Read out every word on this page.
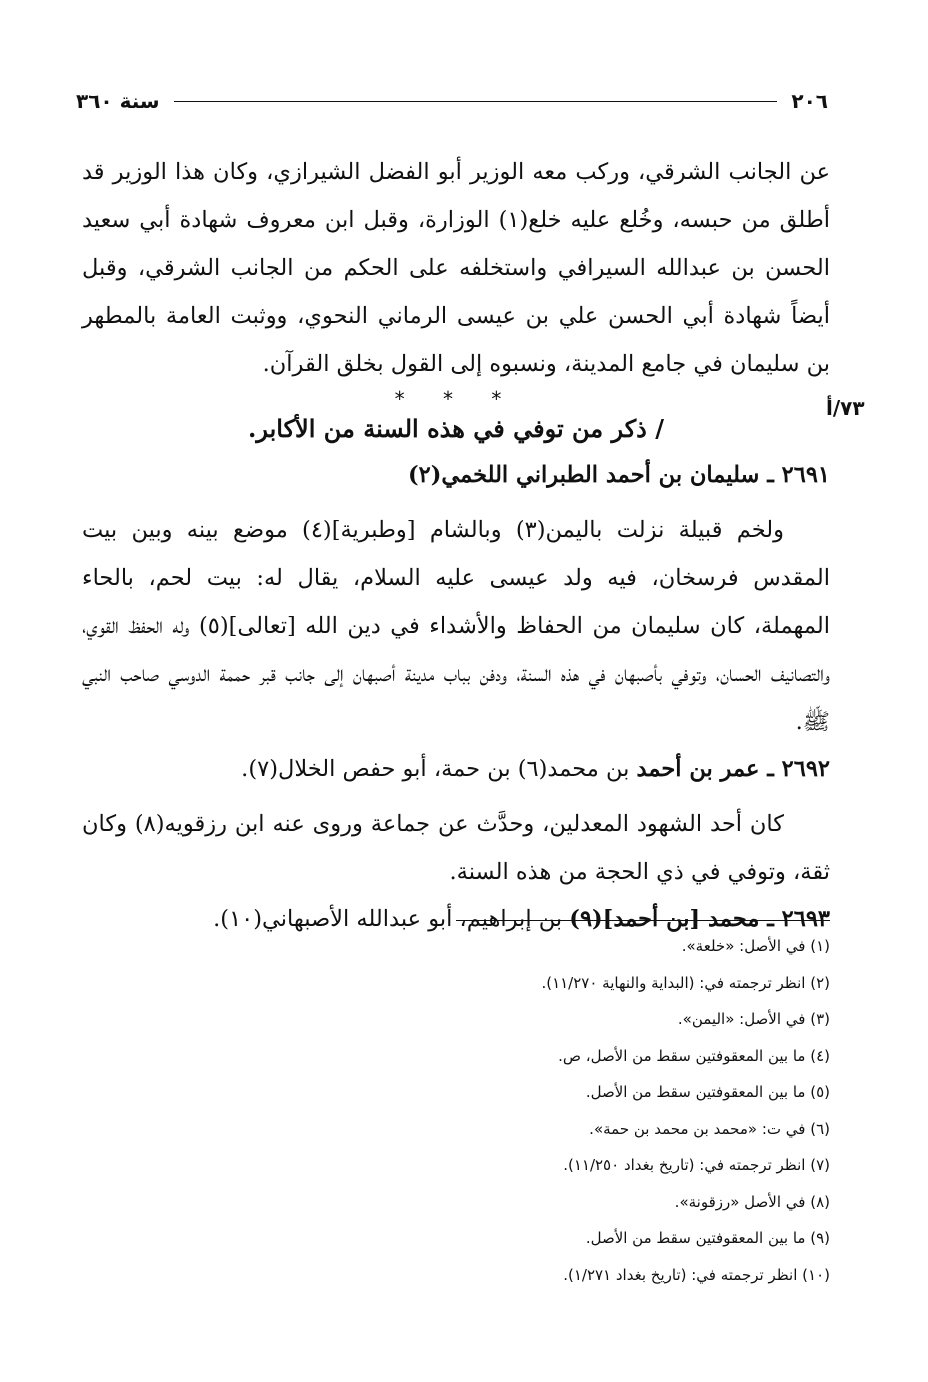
٢٠٦
سنة ٣٦٠
٧٣/أ

عن الجانب الشرقي، وركب معه الوزير أبو الفضل الشيرازي، وكان هذا الوزير قد أطلق من حبسه، وخُلع عليه خلع(١) الوزارة، وقبل ابن معروف شهادة أبي سعيد الحسن بن عبدالله السيرافي واستخلفه على الحكم من الجانب الشرقي، وقبل أيضاً شهادة أبي الحسن علي بن عيسى الرماني النحوي، ووثبت العامة بالمطهر بن سليمان في جامع المدينة، ونسبوه إلى القول بخلق القرآن.

* * *
/ ذكر من توفي في هذه السنة من الأكابر.

٢٦٩١ ـ سليمان بن أحمد الطبراني اللخمي(٢)

ولخم قبيلة نزلت باليمن(٣) وبالشام [وطبرية](٤) موضع بينه وبين بيت المقدس فرسخان، فيه ولد عيسى عليه السلام، يقال له: بيت لحم، بالحاء المهملة، كان سليمان من الحفاظ والأشداء في دين الله [تعالى](٥) وله الحفظ القوي، والتصانيف الحسان، وتوفي بأصبهان في هذه السنة، ودفن بباب مدينة أصبهان إلى جانب قبر حممة الدوسي صاحب النبي ﷺ.

٢٦٩٢ ـ عمر بن أحمد بن محمد(٦) بن حمة، أبو حفص الخلال(٧).

كان أحد الشهود المعدلين، وحدَّث عن جماعة وروى عنه ابن رزقويه(٨) وكان ثقة، وتوفي في ذي الحجة من هذه السنة.

٢٦٩٣ ـ محمد [بن أحمد](٩) بن إبراهيم، أبو عبدالله الأصبهاني(١٠).

(١) في الأصل: «خلعة».

(٢) انظر ترجمته في: (البداية والنهاية ١١/٢٧٠).

(٣) في الأصل: «اليمن».

(٤) ما بين المعقوفتين سقط من الأصل، ص.

(٥) ما بين المعقوفتين سقط من الأصل.

(٦) في ت: «محمد بن محمد بن حمة».

(٧) انظر ترجمته في: (تاريخ بغداد ١١/٢٥٠).

(٨) في الأصل «رزقونة».

(٩) ما بين المعقوفتين سقط من الأصل.

(١٠) انظر ترجمته في: (تاريخ بغداد ١/٢٧١).
